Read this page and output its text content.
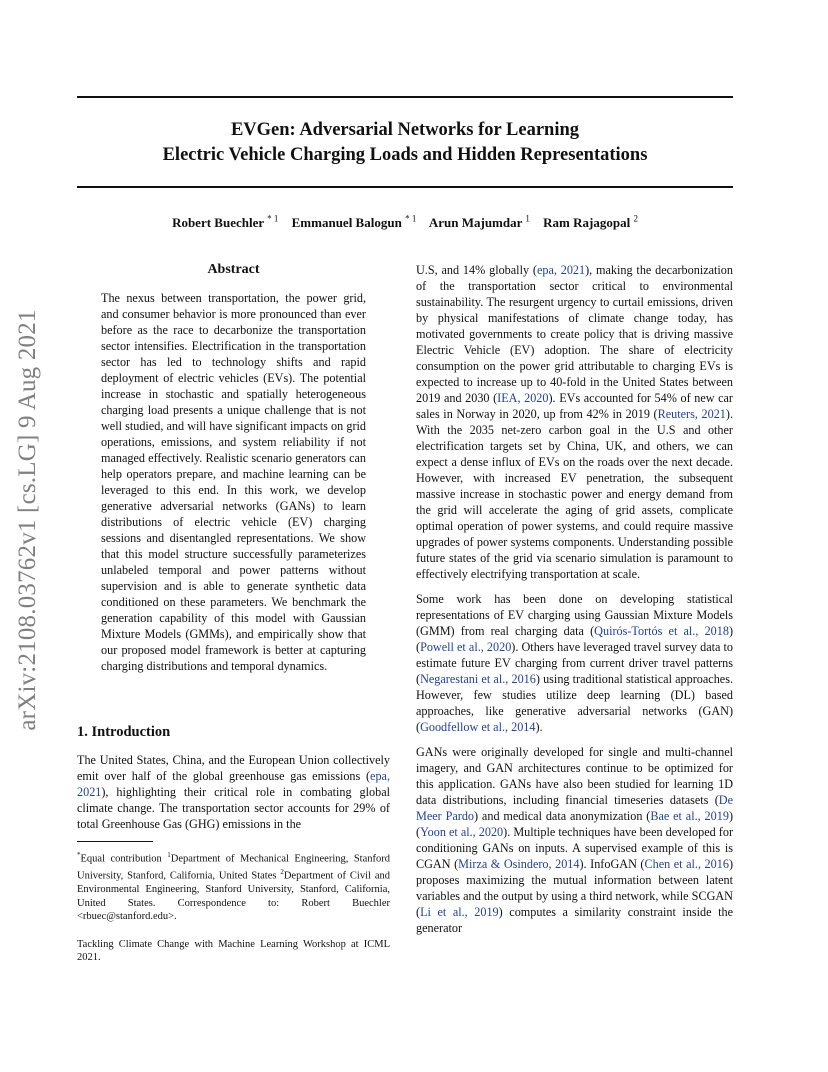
EVGen: Adversarial Networks for Learning
Electric Vehicle Charging Loads and Hidden Representations
Robert Buechler $^{* 1}$ Emmanuel Balogun $^{* 1}$ Arun Majumdar $^1$ Ram Rajagopal $^2$
arXiv:2108.03762v1 [cs.LG] 9 Aug 2021
Abstract
The nexus between transportation, the power grid, and consumer behavior is more pronounced than ever before as the race to decarbonize the transportation sector intensifies. Electrification in the transportation sector has led to technology shifts and rapid deployment of electric vehicles (EVs). The potential increase in stochastic and spatially heterogeneous charging load presents a unique challenge that is not well studied, and will have significant impacts on grid operations, emissions, and system reliability if not managed effectively. Realistic scenario generators can help operators prepare, and machine learning can be leveraged to this end. In this work, we develop generative adversarial networks (GANs) to learn distributions of electric vehicle (EV) charging sessions and disentangled representations. We show that this model structure successfully parameterizes unlabeled temporal and power patterns without supervision and is able to generate synthetic data conditioned on these parameters. We benchmark the generation capability of this model with Gaussian Mixture Models (GMMs), and empirically show that our proposed model framework is better at capturing charging distributions and temporal dynamics.
1. Introduction

The United States, China, and the European Union collectively emit over half of the global greenhouse gas emissions (epa, 2021), highlighting their critical role in combating global climate change. The transportation sector accounts for 29% of total Greenhouse Gas (GHG) emissions in the

*Equal contribution $^1$Department of Mechanical Engineering, Stanford University, Stanford, California, United States $^2$Department of Civil and Environmental Engineering, Stanford University, Stanford, California, United States. Correspondence to: Robert Buechler <rbuec@stanford.edu>.
Tackling Climate Change with Machine Learning Workshop at ICML 2021.

U.S, and 14% globally (epa, 2021), making the decarbonization of the transportation sector critical to environmental sustainability. The resurgent urgency to curtail emissions, driven by physical manifestations of climate change today, has motivated governments to create policy that is driving massive Electric Vehicle (EV) adoption. The share of electricity consumption on the power grid attributable to charging EVs is expected to increase up to 40-fold in the United States between 2019 and 2030 (IEA, 2020). EVs accounted for 54% of new car sales in Norway in 2020, up from 42% in 2019 (Reuters, 2021). With the 2035 net-zero carbon goal in the U.S and other electrification targets set by China, UK, and others, we can expect a dense influx of EVs on the roads over the next decade. However, with increased EV penetration, the subsequent massive increase in stochastic power and energy demand from the grid will accelerate the aging of grid assets, complicate optimal operation of power systems, and could require massive upgrades of power systems components. Understanding possible future states of the grid via scenario simulation is paramount to effectively electrifying transportation at scale.

Some work has been done on developing statistical representations of EV charging using Gaussian Mixture Models (GMM) from real charging data (Quirós-Tortós et al., 2018) (Powell et al., 2020). Others have leveraged travel survey data to estimate future EV charging from current driver travel patterns (Negarestani et al., 2016) using traditional statistical approaches. However, few studies utilize deep learning (DL) based approaches, like generative adversarial networks (GAN) (Goodfellow et al., 2014).

GANs were originally developed for single and multi-channel imagery, and GAN architectures continue to be optimized for this application. GANs have also been studied for learning 1D data distributions, including financial timeseries datasets (De Meer Pardo) and medical data anonymization (Bae et al., 2019)(Yoon et al., 2020). Multiple techniques have been developed for conditioning GANs on inputs. A supervised example of this is CGAN (Mirza & Osindero, 2014). InfoGAN (Chen et al., 2016) proposes maximizing the mutual information between latent variables and the output by using a third network, while SCGAN (Li et al., 2019) computes a similarity constraint inside the generator
